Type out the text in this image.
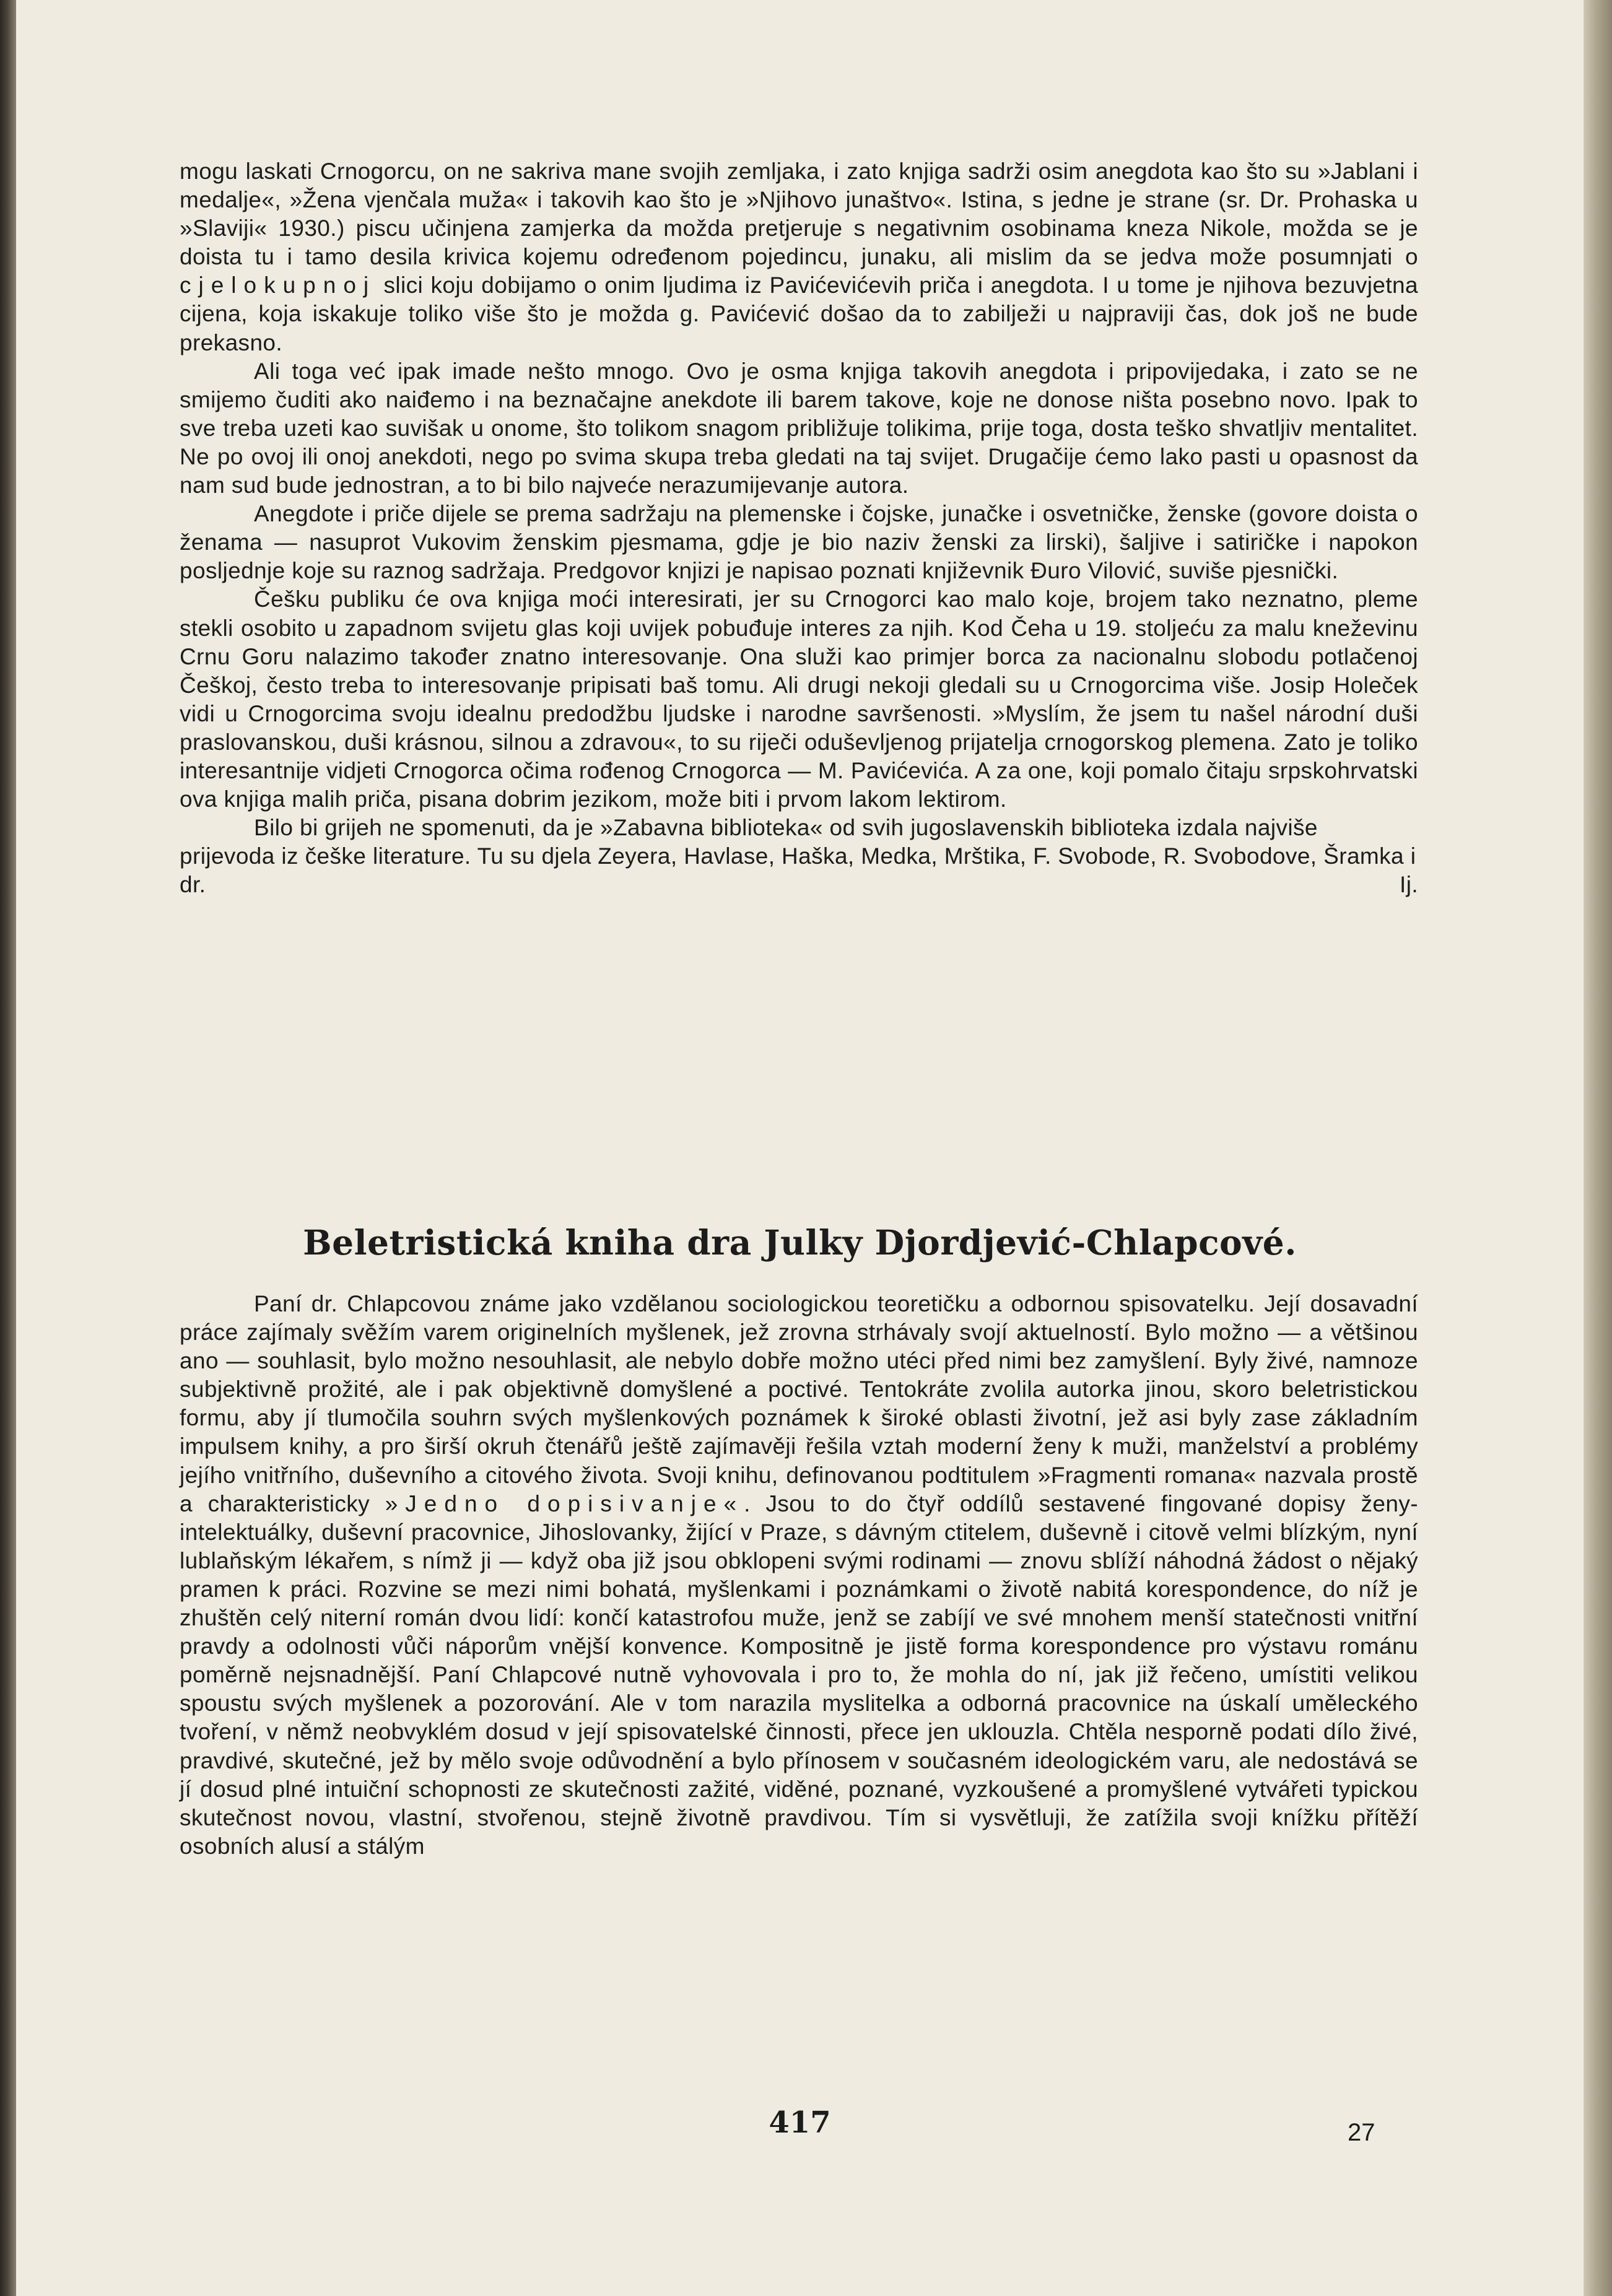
mogu laskati Crnogorcu, on ne sakriva mane svojih zemljaka, i zato knjiga sadrži osim anegdota kao što su »Jablani i medalje«, »Žena vjenčala muža« i takovih kao što je »Njihovo junaštvo«. Istina, s jedne je strane (sr. Dr. Prohaska u »Slaviji« 1930.) piscu učinjena zamjerka da možda pretjeruje s negativnim osobinama kneza Nikole, možda se je doista tu i tamo desila krivica kojemu određenom pojedincu, junaku, ali mislim da se jedva može posumnjati o cjelokupnoj slici koju dobijamo o onim ljudima iz Pavićevićevih priča i anegdota. I u tome je njihova bezuvjetna cijena, koja iskakuje toliko više što je možda g. Pavićević došao da to zabilježi u najpraviji čas, dok još ne bude prekasno.

Ali toga već ipak imade nešto mnogo. Ovo je osma knjiga takovih anegdota i pripovijedaka, i zato se ne smijemo čuditi ako naiđemo i na beznačajne anekdote ili barem takove, koje ne donose ništa posebno novo. Ipak to sve treba uzeti kao suvišak u onome, što tolikom snagom približuje tolikima, prije toga, dosta teško shvatljiv mentalitet. Ne po ovoj ili onoj anekdoti, nego po svima skupa treba gledati na taj svijet. Drugačije ćemo lako pasti u opasnost da nam sud bude jednostran, a to bi bilo najveće nerazumijevanje autora.

Anegdote i priče dijele se prema sadržaju na plemenske i čojske, junačke i osvetničke, ženske (govore doista o ženama — nasuprot Vukovim ženskim pjesmama, gdje je bio naziv ženski za lirski), šaljive i satiričke i napokon posljednje koje su raznog sadržaja. Predgovor knjizi je napisao poznati književnik Đuro Vilović, suviše pjesnički.

Češku publiku će ova knjiga moći interesirati, jer su Crnogorci kao malo koje, brojem tako neznatno, pleme stekli osobito u zapadnom svijetu glas koji uvijek pobuđuje interes za njih. Kod Čeha u 19. stoljeću za malu kneževinu Crnu Goru nalazimo također znatno interesovanje. Ona služi kao primjer borca za nacionalnu slobodu potlačenoj Češkoj, često treba to interesovanje pripisati baš tomu. Ali drugi nekoji gledali su u Crnogorcima više. Josip Holeček vidi u Crnogorcima svoju idealnu predodžbu ljudske i narodne savršenosti. »Myslím, že jsem tu našel národní duši praslovanskou, duši krásnou, silnou a zdravou«, to su riječi oduševljenog prijatelja crnogorskog plemena. Zato je toliko interesantnije vidjeti Crnogorca očima rođenog Crnogorca — M. Pavićevića. A za one, koji pomalo čitaju srpskohrvatski ova knjiga malih priča, pisana dobrim jezikom, može biti i prvom lakom lektirom.

Bilo bi grijeh ne spomenuti, da je »Zabavna biblioteka« od svih jugoslavenskih biblioteka izdala najviše prijevoda iz češke literature. Tu su djela Zeyera, Havlase, Haška, Medka, Mrštika, F. Svobode, R. Svobodove, Šramka i dr.	Ij.

Beletristická kniha dra Julky Djordjević-Chlapcové.

Paní dr. Chlapcovou známe jako vzdělanou sociologickou teoretičku a odbornou spisovatelku. Její dosavadní práce zajímaly svěžím varem originelních myšlenek, jež zrovna strhávaly svojí aktuelností. Bylo možno — a většinou ano — souhlasit, bylo možno nesouhlasit, ale nebylo dobře možno utéci před nimi bez zamyšlení. Byly živé, namnoze subjektivně prožité, ale i pak objektivně domyšlené a poctivé. Tentokráte zvolila autorka jinou, skoro beletristickou formu, aby jí tlumočila souhrn svých myšlenkových poznámek k široké oblasti životní, jež asi byly zase základním impulsem knihy, a pro širší okruh čtenářů ještě zajímavěji řešila vztah moderní ženy k muži, manželství a problémy jejího vnitřního, duševního a citového života. Svoji knihu, definovanou podtitulem »Fragmenti romana« nazvala prostě a charakteristicky »Jedno dopisivanje«. Jsou to do čtyř oddílů sestavené fingované dopisy ženy-intelektuálky, duševní pracovnice, Jihoslovanky, žijící v Praze, s dávným ctitelem, duševně i citově velmi blízkým, nyní lublaňským lékařem, s nímž ji — když oba již jsou obklopeni svými rodinami — znovu sblíží náhodná žádost o nějaký pramen k práci. Rozvine se mezi nimi bohatá, myšlenkami i poznámkami o životě nabitá korespondence, do níž je zhuštěn celý niterní román dvou lidí: končí katastrofou muže, jenž se zabíjí ve své mnohem menší statečnosti vnitřní pravdy a odolnosti vůči náporům vnější konvence. Kompositně je jistě forma korespondence pro výstavu románu poměrně nejsnadnější. Paní Chlapcové nutně vyhovovala i pro to, že mohla do ní, jak již řečeno, umístiti velikou spoustu svých myšlenek a pozorování. Ale v tom narazila myslitelka a odborná pracovnice na úskalí uměleckého tvoření, v němž neobvyklém dosud v její spisovatelské činnosti, přece jen uklouzla. Chtěla nesporně podati dílo živé, pravdivé, skutečné, jež by mělo svoje odůvodnění a bylo přínosem v současném ideologickém varu, ale nedostává se jí dosud plné intuiční schopnosti ze skutečnosti zažité, viděné, poznané, vyzkoušené a promyšlené vytvářeti typickou skutečnost novou, vlastní, stvořenou, stejně životně pravdivou. Tím si vysvětluji, že zatížila svoji knížku přítěží osobních alusí a stálým

417	27
